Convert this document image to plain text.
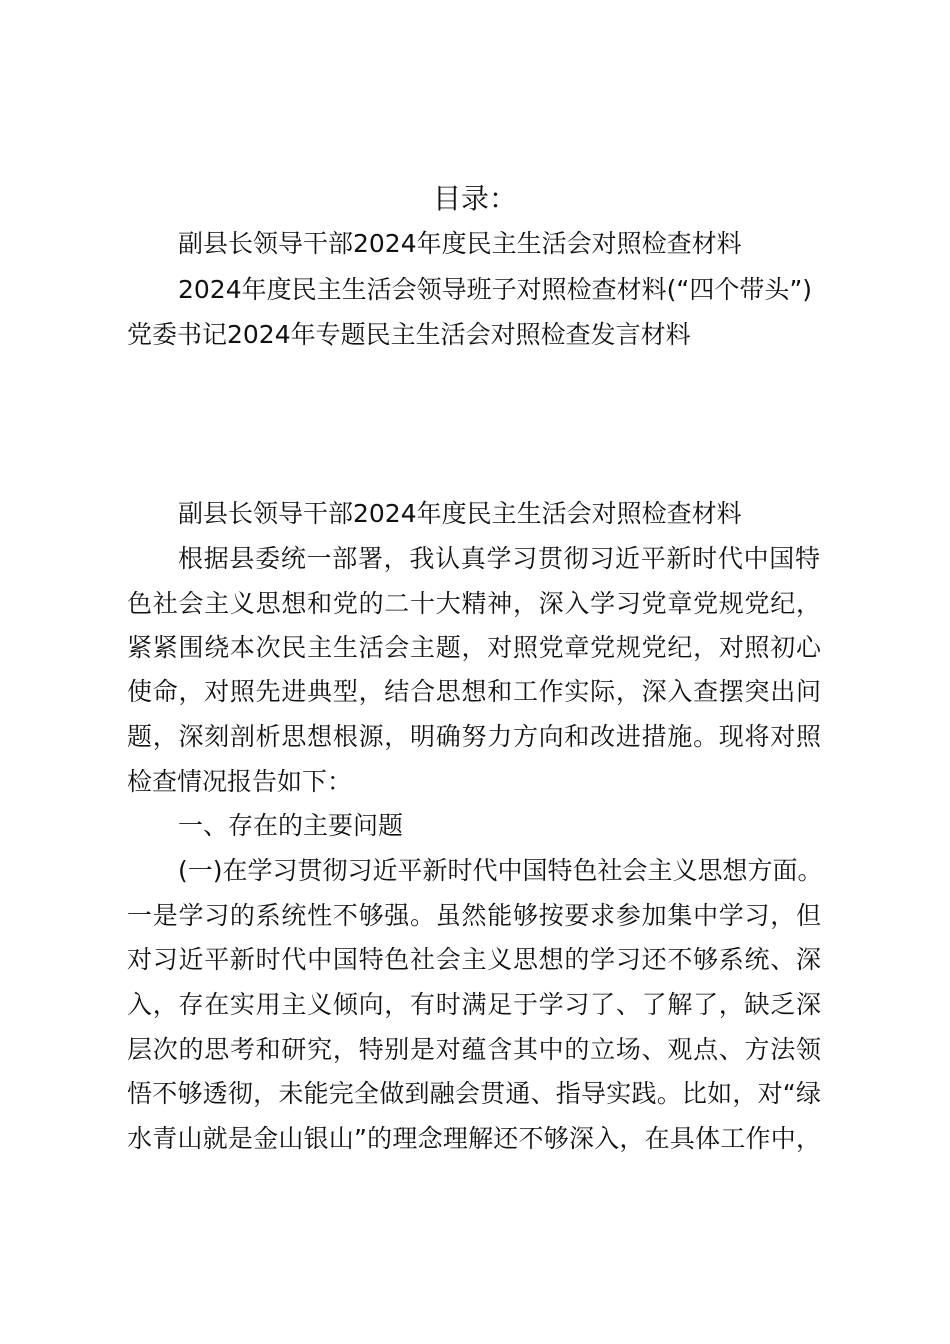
目录：
副县长领导干部2024年度民主生活会对照检查材料
2024年度民主生活会领导班子对照检查材料(“四个带头”)
党委书记2024年专题民主生活会对照检查发言材料
副县长领导干部2024年度民主生活会对照检查材料
根据县委统一部署，我认真学习贯彻习近平新时代中国特
色社会主义思想和党的二十大精神，深入学习党章党规党纪，
紧紧围绕本次民主生活会主题，对照党章党规党纪，对照初心
使命，对照先进典型，结合思想和工作实际，深入查摆突出问
题，深刻剖析思想根源，明确努力方向和改进措施。现将对照
检查情况报告如下：
一、存在的主要问题
(一)在学习贯彻习近平新时代中国特色社会主义思想方面。
一是学习的系统性不够强。虽然能够按要求参加集中学习，但
对习近平新时代中国特色社会主义思想的学习还不够系统、深
入，存在实用主义倾向，有时满足于学习了、了解了，缺乏深
层次的思考和研究，特别是对蕴含其中的立场、观点、方法领
悟不够透彻，未能完全做到融会贯通、指导实践。比如，对“绿
水青山就是金山银山”的理念理解还不够深入，在具体工作中，
